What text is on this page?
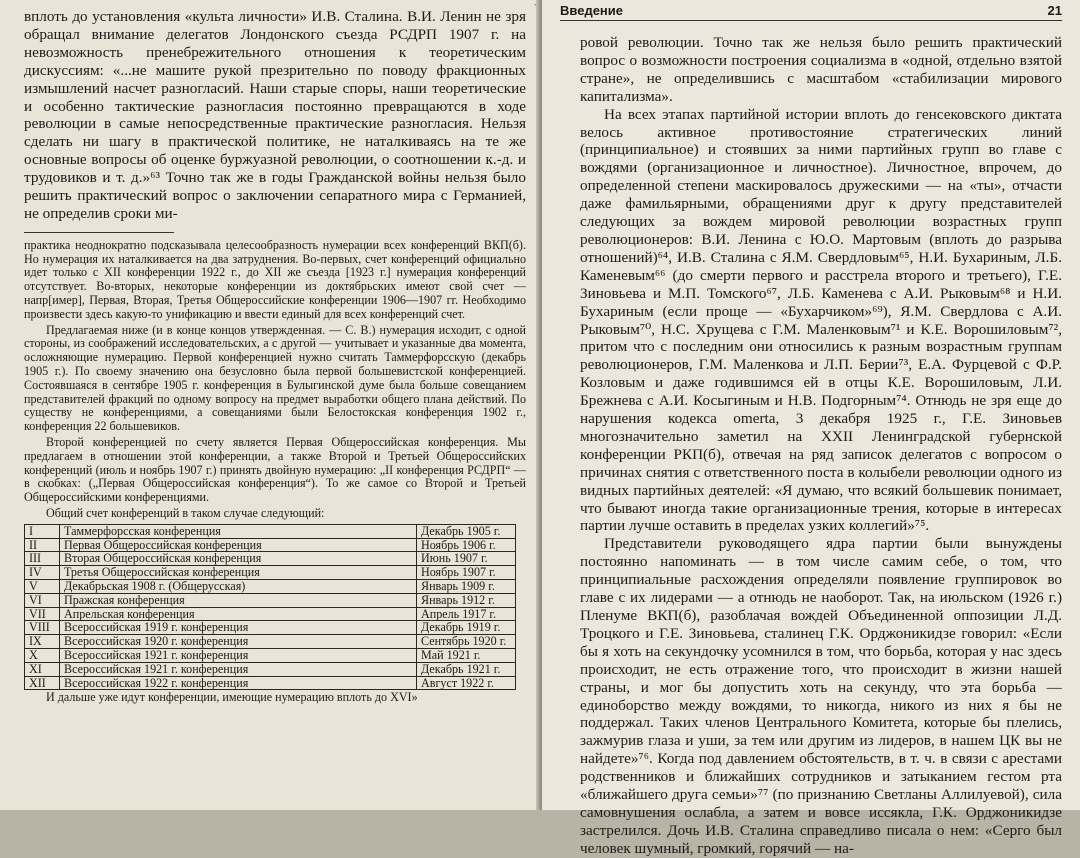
вплоть до установления «культа личности» И.В. Сталина. В.И. Ленин не зря обращал внимание делегатов Лондонского съезда РСДРП 1907 г. на невозможность пренебрежительного отношения к теоретическим дискуссиям: «...не машите рукой презрительно по поводу фракционных измышлений насчет разногласий. Наши старые споры, наши теоретические и особенно тактические разногласия постоянно превращаются в ходе революции в самые непосредственные практические разногласия. Нельзя сделать ни шагу в практической политике, не наталкиваясь на те же основные вопросы об оценке буржуазной революции, о соотношении к.-д. и трудовиков и т. д.»⁶³ Точно так же в годы Гражданской войны нельзя было решить практический вопрос о заключении сепаратного мира с Германией, не определив сроки ми-

практика неоднократно подсказывала целесообразность нумерации всех конференций ВКП(б). Но нумерация их наталкивается на два затруднения. Во-первых, счет конференций официально идет только с XII конференции 1922 г., до XII же съезда [1923 г.] нумерация конференций отсутствует. Во-вторых, некоторые конференции из доктябрьских имеют свой счет — напр[имер], Первая, Вторая, Третья Общероссийские конференции 1906—1907 гг. Необходимо произвести здесь какую-то унификацию и ввести единый для всех конференций счет.

Предлагаемая ниже (и в конце концов утвержденная. — С. В.) нумерация исходит, с одной стороны, из соображений исследовательских, а с другой — учитывает и указанные два момента, осложняющие нумерацию. Первой конференцией нужно считать Таммерфорсскую (декабрь 1905 г.). По своему значению она безусловно была первой большевистской конференцией. Состоявшаяся в сентябре 1905 г. конференция в Булыгинской думе была больше совещанием представителей фракций по одному вопросу на предмет выработки общего плана действий. По существу не конференциями, а совещаниями были Белостокская конференция 1902 г., конференция 22 большевиков.

Второй конференцией по счету является Первая Общероссийская конференция. Мы предлагаем в отношении этой конференции, а также Второй и Третьей Общероссийских конференций (июль и ноябрь 1907 г.) принять двойную нумерацию: „II конференция РСДРП“ — в скобках: („Первая Общероссийская конференция“). То же самое со Второй и Третьей Общероссийскими конференциями.

Общий счет конференций в таком случае следующий:

I	Таммерфорсская конференция	Декабрь 1905 г.
II	Первая Общероссийская конференция	Ноябрь 1906 г.
III	Вторая Общероссийская конференция	Июнь 1907 г.
IV	Третья Общероссийская конференция	Ноябрь 1907 г.
V	Декабрьская 1908 г. (Общерусская)	Январь 1909 г.
VI	Пражская конференция	Январь 1912 г.
VII	Апрельская конференция	Апрель 1917 г.
VIII	Всероссийская 1919 г. конференция	Декабрь 1919 г.
IX	Всероссийская 1920 г. конференция	Сентябрь 1920 г.
X	Всероссийская 1921 г. конференция	Май 1921 г.
XI	Всероссийская 1921 г. конференция	Декабрь 1921 г.
XII	Всероссийская 1922 г. конференция	Август 1922 г.

И дальше уже идут конференции, имеющие нумерацию вплоть до XVI»

Введение	21

ровой революции. Точно так же нельзя было решить практический вопрос о возможности построения социализма в «одной, отдельно взятой стране», не определившись с масштабом «стабилизации мирового капитализма».

На всех этапах партийной истории вплоть до генсековского диктата велось активное противостояние стратегических линий (принципиальное) и стоявших за ними партийных групп во главе с вождями (организационное и личностное). Личностное, впрочем, до определенной степени маскировалось дружескими — на «ты», отчасти даже фамильярными, обращениями друг к другу представителей следующих за вождем мировой революции возрастных групп революционеров: В.И. Ленина с Ю.О. Мартовым (вплоть до разрыва отношений)⁶⁴, И.В. Сталина с Я.М. Свердловым⁶⁵, Н.И. Бухариным, Л.Б. Каменевым⁶⁶ (до смерти первого и расстрела второго и третьего), Г.Е. Зиновьева и М.П. Томского⁶⁷, Л.Б. Каменева с А.И. Рыковым⁶⁸ и Н.И. Бухариным (если проще — «Бухарчиком»⁶⁹), Я.М. Свердлова с А.И. Рыковым⁷⁰, Н.С. Хрущева с Г.М. Маленковым⁷¹ и К.Е. Ворошиловым⁷², притом что с последним они относились к разным возрастным группам революционеров, Г.М. Маленкова и Л.П. Берии⁷³, Е.А. Фурцевой с Ф.Р. Козловым и даже годившимся ей в отцы К.Е. Ворошиловым, Л.И. Брежнева с А.И. Косыгиным и Н.В. Подгорным⁷⁴. Отнюдь не зря еще до нарушения кодекса omerta, 3 декабря 1925 г., Г.Е. Зиновьев многозначительно заметил на XXII Ленинградской губернской конференции РКП(б), отвечая на ряд записок делегатов с вопросом о причинах снятия с ответственного поста в колыбели революции одного из видных партийных деятелей: «Я думаю, что всякий большевик понимает, что бывают иногда такие организационные трения, которые в интересах партии лучше оставить в пределах узких коллегий»⁷⁵.

Представители руководящего ядра партии были вынуждены постоянно напоминать — в том числе самим себе, о том, что принципиальные расхождения определяли появление группировок во главе с их лидерами — а отнюдь не наоборот. Так, на июльском (1926 г.) Пленуме ВКП(б), разоблачая вождей Объединенной оппозиции Л.Д. Троцкого и Г.Е. Зиновьева, сталинец Г.К. Орджоникидзе говорил: «Если бы я хоть на секундочку усомнился в том, что борьба, которая у нас здесь происходит, не есть отражение того, что происходит в жизни нашей страны, и мог бы допустить хоть на секунду, что эта борьба — единоборство между вождями, то никогда, никого из них я бы не поддержал. Таких членов Центрального Комитета, которые бы плелись, зажмурив глаза и уши, за тем или другим из лидеров, в нашем ЦК вы не найдете»⁷⁶. Когда под давлением обстоятельств, в т. ч. в связи с арестами родственников и ближайших сотрудников и затыканием гестом рта «ближайшего друга семьи»⁷⁷ (по признанию Светланы Аллилуевой), сила самовнушения ослабла, а затем и вовсе иссякла, Г.К. Орджоникидзе застрелился. Дочь И.В. Сталина справедливо писала о нем: «Серго был человек шумный, громкий, горячий — на-
